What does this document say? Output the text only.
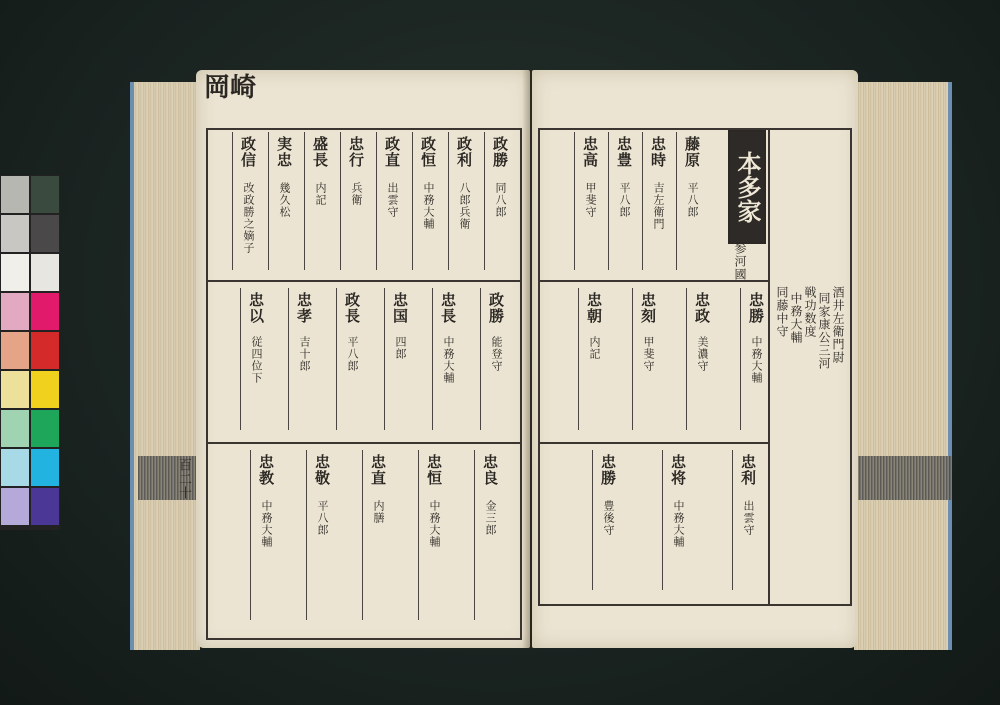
岡崎
百二十
政勝
同八郎
政利
八郎兵衛
政恒
中務大輔
政直
出雲守
忠行
兵衛
盛長
内記
実忠
幾久松
政信
改政勝之嫡子
政勝
能登守
忠長
中務大輔
忠国
四郎
政長
平八郎
忠孝
吉十郎
忠以
従四位下
忠良
金三郎
忠恒
中務大輔
忠直
内膳
忠敬
平八郎
忠教
中務大輔
本多家
参河國
藤原
平八郎
忠時
吉左衛門
忠豊
平八郎
忠高
甲斐守
忠勝
中務大輔
忠政
美濃守
忠刻
甲斐守
忠朝
内記
忠利
出雲守
忠将
中務大輔
忠勝
豊後守
酒井左衛門尉
同家康公三河
戦功数度
中務大輔
同藤中守
